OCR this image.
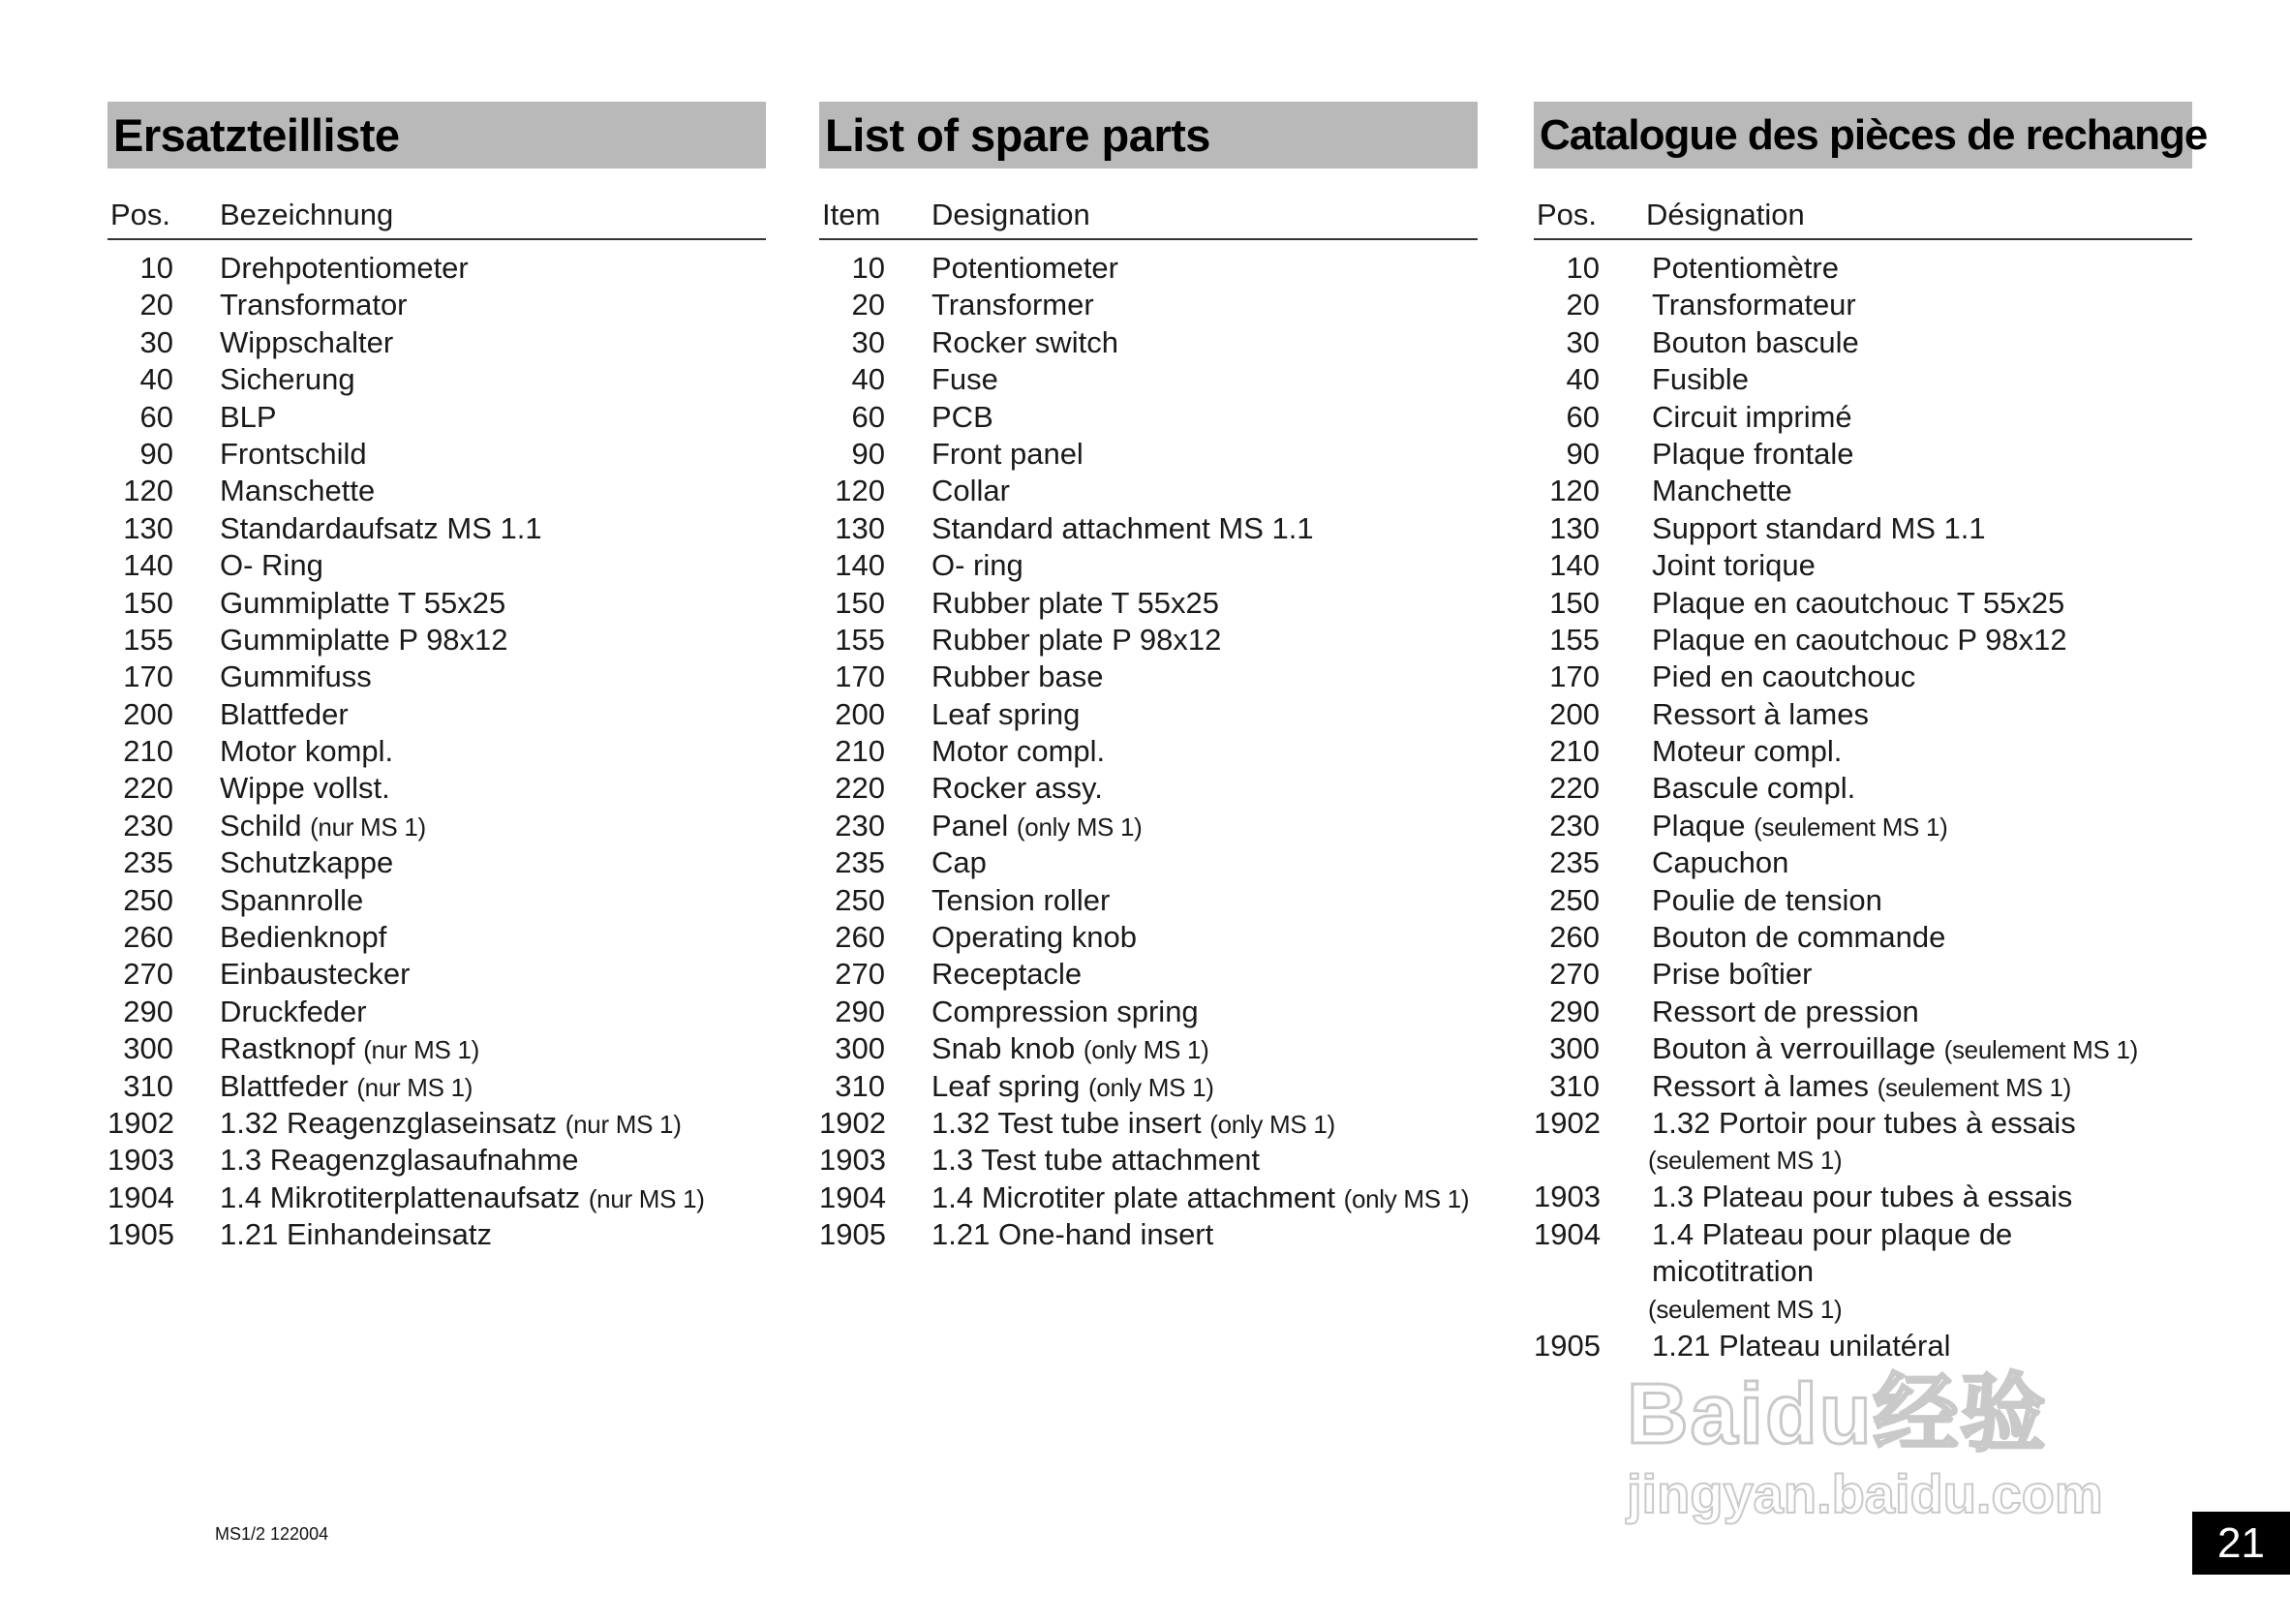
Ersatzteilliste
Pos.	Bezeichnung
10	Drehpotentiometer
20	Transformator
30	Wippschalter
40	Sicherung
60	BLP
90	Frontschild
120	Manschette
130	Standardaufsatz MS 1.1
140	O- Ring
150	Gummiplatte T 55x25
155	Gummiplatte P 98x12
170	Gummifuss
200	Blattfeder
210	Motor kompl.
220	Wippe vollst.
230	Schild (nur MS 1)
235	Schutzkappe
250	Spannrolle
260	Bedienknopf
270	Einbaustecker
290	Druckfeder
300	Rastknopf (nur MS 1)
310	Blattfeder (nur MS 1)
1902	1.32 Reagenzglaseinsatz (nur MS 1)
1903	1.3 Reagenzglasaufnahme
1904	1.4 Mikrotiterplattenaufsatz (nur MS 1)
1905	1.21 Einhandeinsatz
List of spare parts
Item	Designation
10	Potentiometer
20	Transformer
30	Rocker switch
40	Fuse
60	PCB
90	Front panel
120	Collar
130	Standard attachment MS 1.1
140	O- ring
150	Rubber plate T 55x25
155	Rubber plate P 98x12
170	Rubber base
200	Leaf spring
210	Motor compl.
220	Rocker assy.
230	Panel (only MS 1)
235	Cap
250	Tension roller
260	Operating knob
270	Receptacle
290	Compression spring
300	Snab knob (only MS 1)
310	Leaf spring (only MS 1)
1902	1.32 Test tube insert (only MS 1)
1903	1.3 Test tube attachment
1904	1.4 Microtiter plate attachment (only MS 1)
1905	1.21 One-hand insert
Catalogue des pièces de rechange
Pos.	Désignation
10	Potentiomètre
20	Transformateur
30	Bouton bascule
40	Fusible
60	Circuit imprimé
90	Plaque frontale
120	Manchette
130	Support standard MS 1.1
140	Joint torique
150	Plaque en caoutchouc T 55x25
155	Plaque en caoutchouc P 98x12
170	Pied en caoutchouc
200	Ressort à lames
210	Moteur compl.
220	Bascule compl.
230	Plaque (seulement MS 1)
235	Capuchon
250	Poulie de tension
260	Bouton de commande
270	Prise boîtier
290	Ressort de pression
300	Bouton à verrouillage (seulement MS 1)
310	Ressort à lames (seulement MS 1)
1902	1.32 Portoir pour tubes à essais
(seulement MS 1)
1903	1.3 Plateau pour tubes à essais
1904	1.4 Plateau pour plaque de micotitration
(seulement MS 1)
1905	1.21 Plateau unilatéral
Baidu经验
jingyan.baidu.com
MS1/2 122004	21
